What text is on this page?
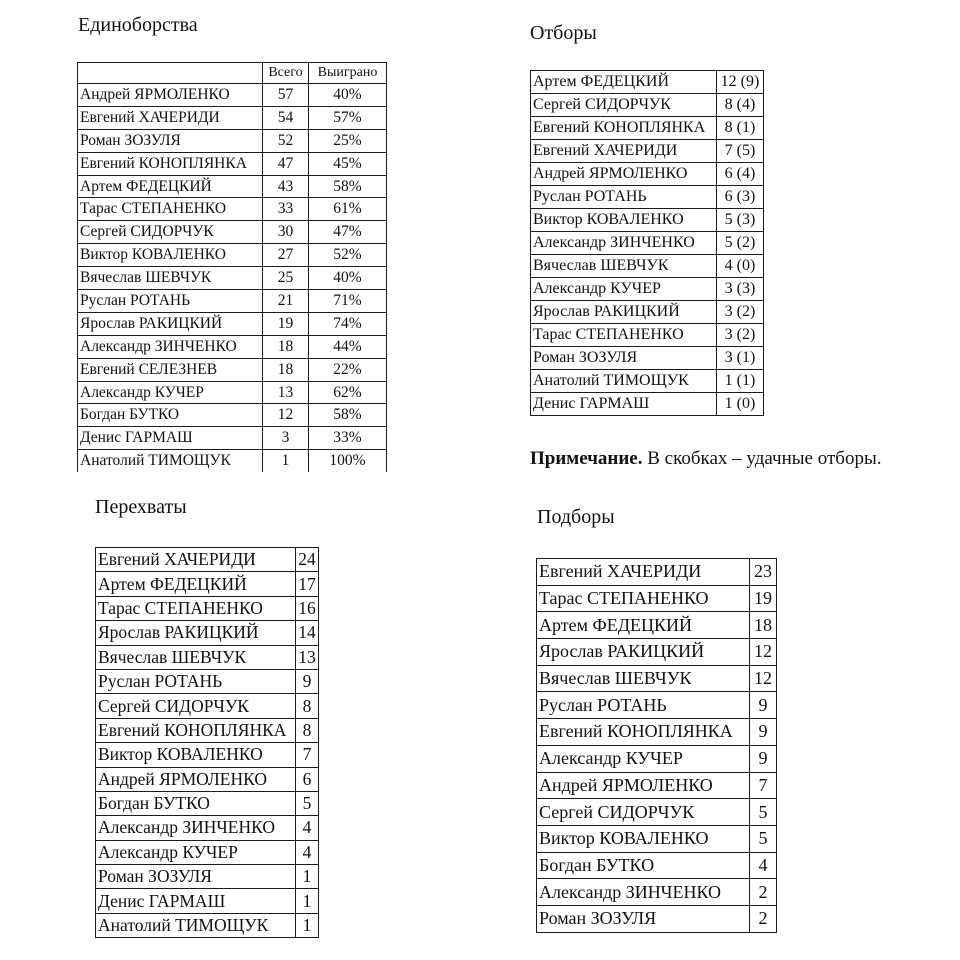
Единоборства
	Всего	Выиграно
Андрей ЯРМОЛЕНКО	57	40%
Евгений ХАЧЕРИДИ	54	57%
Роман ЗОЗУЛЯ	52	25%
Евгений КОНОПЛЯНКА	47	45%
Артем ФЕДЕЦКИЙ	43	58%
Тарас СТЕПАНЕНКО	33	61%
Сергей СИДОРЧУК	30	47%
Виктор КОВАЛЕНКО	27	52%
Вячеслав ШЕВЧУК	25	40%
Руслан РОТАНЬ	21	71%
Ярослав РАКИЦКИЙ	19	74%
Александр ЗИНЧЕНКО	18	44%
Евгений СЕЛЕЗНЕВ	18	22%
Александр КУЧЕР	13	62%
Богдан БУТКО	12	58%
Денис ГАРМАШ	3	33%
Анатолий ТИМОЩУК	1	100%
Отборы
Артем ФЕДЕЦКИЙ	12 (9)
Сергей СИДОРЧУК	8 (4)
Евгений КОНОПЛЯНКА	8 (1)
Евгений ХАЧЕРИДИ	7 (5)
Андрей ЯРМОЛЕНКО	6 (4)
Руслан РОТАНЬ	6 (3)
Виктор КОВАЛЕНКО	5 (3)
Александр ЗИНЧЕНКО	5 (2)
Вячеслав ШЕВЧУК	4 (0)
Александр КУЧЕР	3 (3)
Ярослав РАКИЦКИЙ	3 (2)
Тарас СТЕПАНЕНКО	3 (2)
Роман ЗОЗУЛЯ	3 (1)
Анатолий ТИМОЩУК	1 (1)
Денис ГАРМАШ	1 (0)
Примечание. В скобках – удачные отборы.
Перехваты
Евгений ХАЧЕРИДИ	24
Артем ФЕДЕЦКИЙ	17
Тарас СТЕПАНЕНКО	16
Ярослав РАКИЦКИЙ	14
Вячеслав ШЕВЧУК	13
Руслан РОТАНЬ	9
Сергей СИДОРЧУК	8
Евгений КОНОПЛЯНКА	8
Виктор КОВАЛЕНКО	7
Андрей ЯРМОЛЕНКО	6
Богдан БУТКО	5
Александр ЗИНЧЕНКО	4
Александр КУЧЕР	4
Роман ЗОЗУЛЯ	1
Денис ГАРМАШ	1
Анатолий ТИМОЩУК	1
Подборы
Евгений ХАЧЕРИДИ	23
Тарас СТЕПАНЕНКО	19
Артем ФЕДЕЦКИЙ	18
Ярослав РАКИЦКИЙ	12
Вячеслав ШЕВЧУК	12
Руслан РОТАНЬ	9
Евгений КОНОПЛЯНКА	9
Александр КУЧЕР	9
Андрей ЯРМОЛЕНКО	7
Сергей СИДОРЧУК	5
Виктор КОВАЛЕНКО	5
Богдан БУТКО	4
Александр ЗИНЧЕНКО	2
Роман ЗОЗУЛЯ	2
